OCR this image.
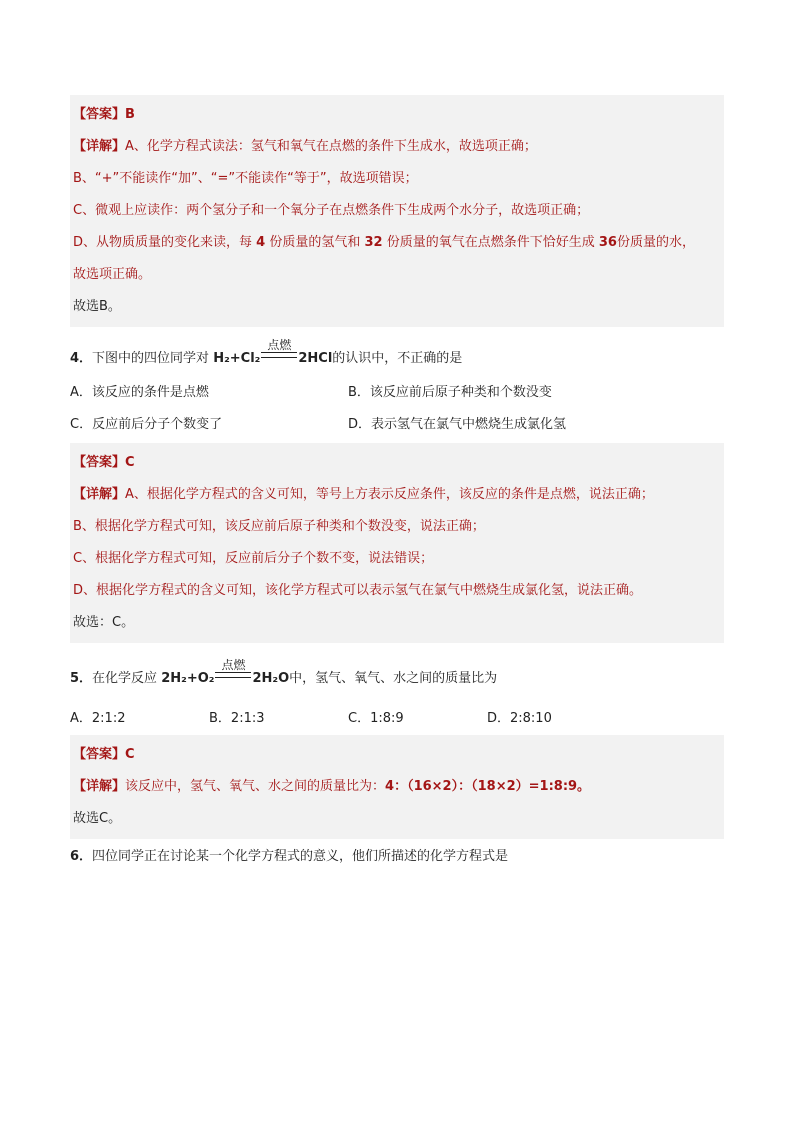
【答案】B
【详解】A、化学方程式读法：氢气和氧气在点燃的条件下生成水，故选项正确；
B、“+”不能读作“加”、“=”不能读作“等于”，故选项错误；
C、微观上应读作：两个氢分子和一个氧分子在点燃条件下生成两个水分子，故选项正确；
D、从物质质量的变化来读，每 4 份质量的氢气和 32 份质量的氧气在点燃条件下恰好生成 36份质量的水，
故选项正确。
故选B。
4．下图中的四位同学对 H₂+Cl₂
点燃
2HCl的认识中，不正确的是
A．该反应的条件是点燃	B．该反应前后原子种类和个数没变
C．反应前后分子个数变了	D．表示氢气在氯气中燃烧生成氯化氢
【答案】C
【详解】A、根据化学方程式的含义可知，等号上方表示反应条件，该反应的条件是点燃，说法正确；
B、根据化学方程式可知，该反应前后原子种类和个数没变，说法正确；
C、根据化学方程式可知，反应前后分子个数不变，说法错误；
D、根据化学方程式的含义可知，该化学方程式可以表示氢气在氯气中燃烧生成氯化氢，说法正确。
故选：C。
5．在化学反应 2H₂+O₂
点燃
2H₂O中，氢气、氧气、水之间的质量比为
A．2:1:2	B．2:1:3	C．1:8:9	D．2:8:10
【答案】C
【详解】该反应中，氢气、氧气、水之间的质量比为：4：（16×2）：（18×2）=1:8:9。
故选C。
6．四位同学正在讨论某一个化学方程式的意义，他们所描述的化学方程式是
